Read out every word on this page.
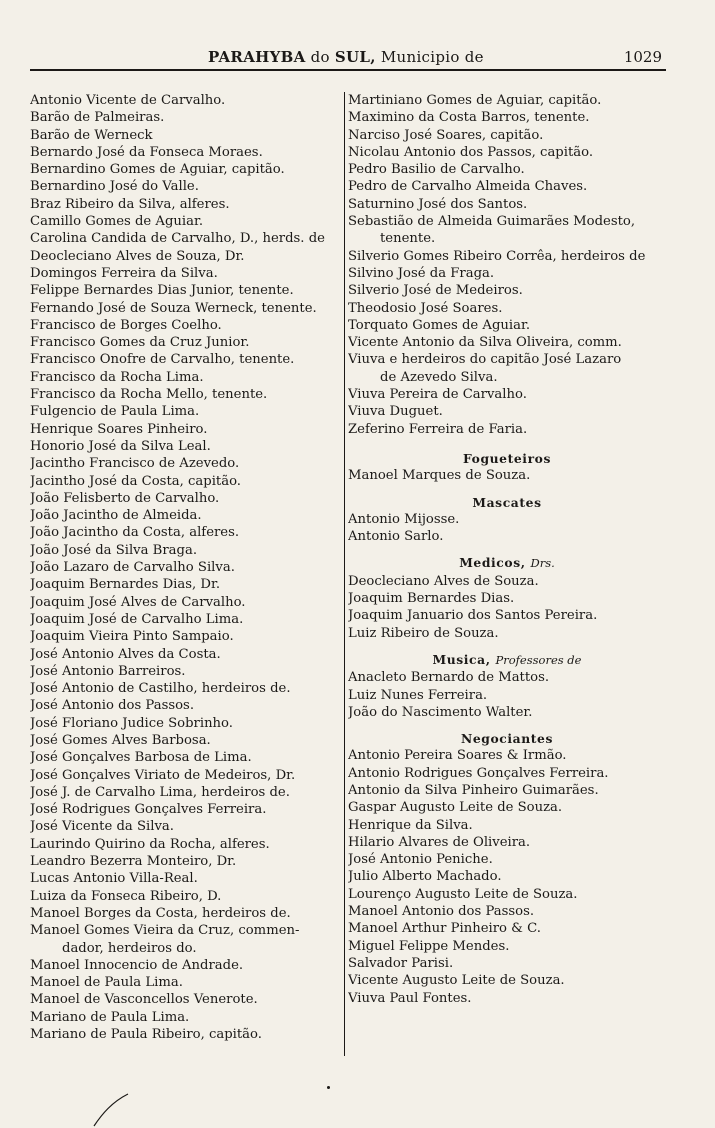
PARAHYBA do SUL, Municipio de	1029
Antonio Vicente de Carvalho.
Barão de Palmeiras.
Barão de Werneck
Bernardo José da Fonseca Moraes.
Bernardino Gomes de Aguiar, capitão.
Bernardino José do Valle.
Braz Ribeiro da Silva, alferes.
Camillo Gomes de Aguiar.
Carolina Candida de Carvalho, D., herds. de
Deocleciano Alves de Souza, Dr.
Domingos Ferreira da Silva.
Felippe Bernardes Dias Junior, tenente.
Fernando José de Souza Werneck, tenente.
Francisco de Borges Coelho.
Francisco Gomes da Cruz Junior.
Francisco Onofre de Carvalho, tenente.
Francisco da Rocha Lima.
Francisco da Rocha Mello, tenente.
Fulgencio de Paula Lima.
Henrique Soares Pinheiro.
Honorio José da Silva Leal.
Jacintho Francisco de Azevedo.
Jacintho José da Costa, capitão.
João Felisberto de Carvalho.
João Jacintho de Almeida.
João Jacintho da Costa, alferes.
João José da Silva Braga.
João Lazaro de Carvalho Silva.
Joaquim Bernardes Dias, Dr.
Joaquim José Alves de Carvalho.
Joaquim José de Carvalho Lima.
Joaquim Vieira Pinto Sampaio.
José Antonio Alves da Costa.
José Antonio Barreiros.
José Antonio de Castilho, herdeiros de.
José Antonio dos Passos.
José Floriano Judice Sobrinho.
José Gomes Alves Barbosa.
José Gonçalves Barbosa de Lima.
José Gonçalves Viriato de Medeiros, Dr.
José J. de Carvalho Lima, herdeiros de.
José Rodrigues Gonçalves Ferreira.
José Vicente da Silva.
Laurindo Quirino da Rocha, alferes.
Leandro Bezerra Monteiro, Dr.
Lucas Antonio Villa-Real.
Luiza da Fonseca Ribeiro, D.
Manoel Borges da Costa, herdeiros de.
Manoel Gomes Vieira da Cruz, commen-
dador, herdeiros do.
Manoel Innocencio de Andrade.
Manoel de Paula Lima.
Manoel de Vasconcellos Venerote.
Mariano de Paula Lima.
Mariano de Paula Ribeiro, capitão.
Martiniano Gomes de Aguiar, capitão.
Maximino da Costa Barros, tenente.
Narciso José Soares, capitão.
Nicolau Antonio dos Passos, capitão.
Pedro Basilio de Carvalho.
Pedro de Carvalho Almeida Chaves.
Saturnino José dos Santos.
Sebastião de Almeida Guimarães Modesto,
tenente.
Silverio Gomes Ribeiro Corrêa, herdeiros de
Silvino José da Fraga.
Silverio José de Medeiros.
Theodosio José Soares.
Torquato Gomes de Aguiar.
Vicente Antonio da Silva Oliveira, comm.
Viuva e herdeiros do capitão José Lazaro
de Azevedo Silva.
Viuva Pereira de Carvalho.
Viuva Duguet.
Zeferino Ferreira de Faria.
Fogueteiros
Manoel Marques de Souza.
Mascates
Antonio Mijosse.
Antonio Sarlo.
Medicos, Drs.
Deocleciano Alves de Souza.
Joaquim Bernardes Dias.
Joaquim Januario dos Santos Pereira.
Luiz Ribeiro de Souza.
Musica, Professores de
Anacleto Bernardo de Mattos.
Luiz Nunes Ferreira.
João do Nascimento Walter.
Negociantes
Antonio Pereira Soares & Irmão.
Antonio Rodrigues Gonçalves Ferreira.
Antonio da Silva Pinheiro Guimarães.
Gaspar Augusto Leite de Souza.
Henrique da Silva.
Hilario Alvares de Oliveira.
José Antonio Peniche.
Julio Alberto Machado.
Lourenço Augusto Leite de Souza.
Manoel Antonio dos Passos.
Manoel Arthur Pinheiro & C.
Miguel Felippe Mendes.
Salvador Parisi.
Vicente Augusto Leite de Souza.
Viuva Paul Fontes.
